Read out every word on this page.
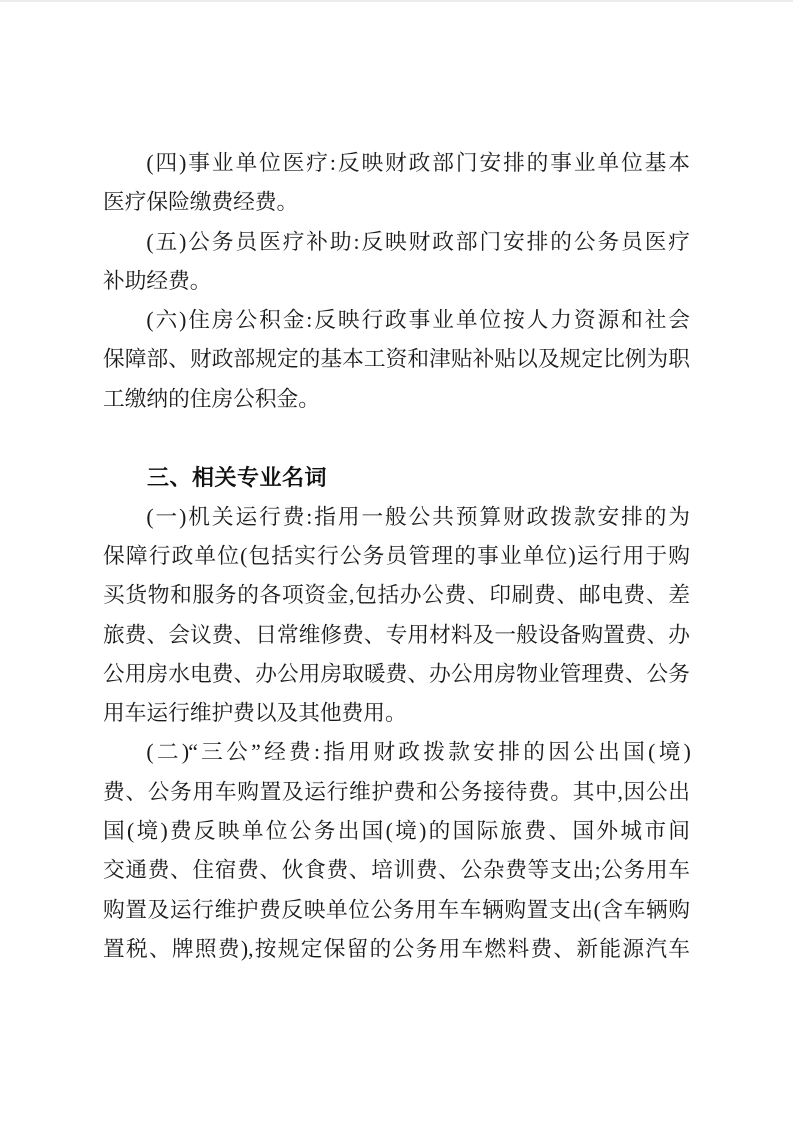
(四)事业单位医疗:反映财政部门安排的事业单位基本

医疗保险缴费经费。

(五)公务员医疗补助:反映财政部门安排的公务员医疗

补助经费。

(六)住房公积金:反映行政事业单位按人力资源和社会

保障部、财政部规定的基本工资和津贴补贴以及规定比例为职

工缴纳的住房公积金。

三、相关专业名词

(一)机关运行费:指用一般公共预算财政拨款安排的为

保障行政单位(包括实行公务员管理的事业单位)运行用于购

买货物和服务的各项资金,包括办公费、印刷费、邮电费、差

旅费、会议费、日常维修费、专用材料及一般设备购置费、办

公用房水电费、办公用房取暖费、办公用房物业管理费、公务

用车运行维护费以及其他费用。

(二)“三公”经费:指用财政拨款安排的因公出国(境)

费、公务用车购置及运行维护费和公务接待费。其中,因公出

国(境)费反映单位公务出国(境)的国际旅费、国外城市间

交通费、住宿费、伙食费、培训费、公杂费等支出;公务用车

购置及运行维护费反映单位公务用车车辆购置支出(含车辆购

置税、牌照费),按规定保留的公务用车燃料费、新能源汽车
